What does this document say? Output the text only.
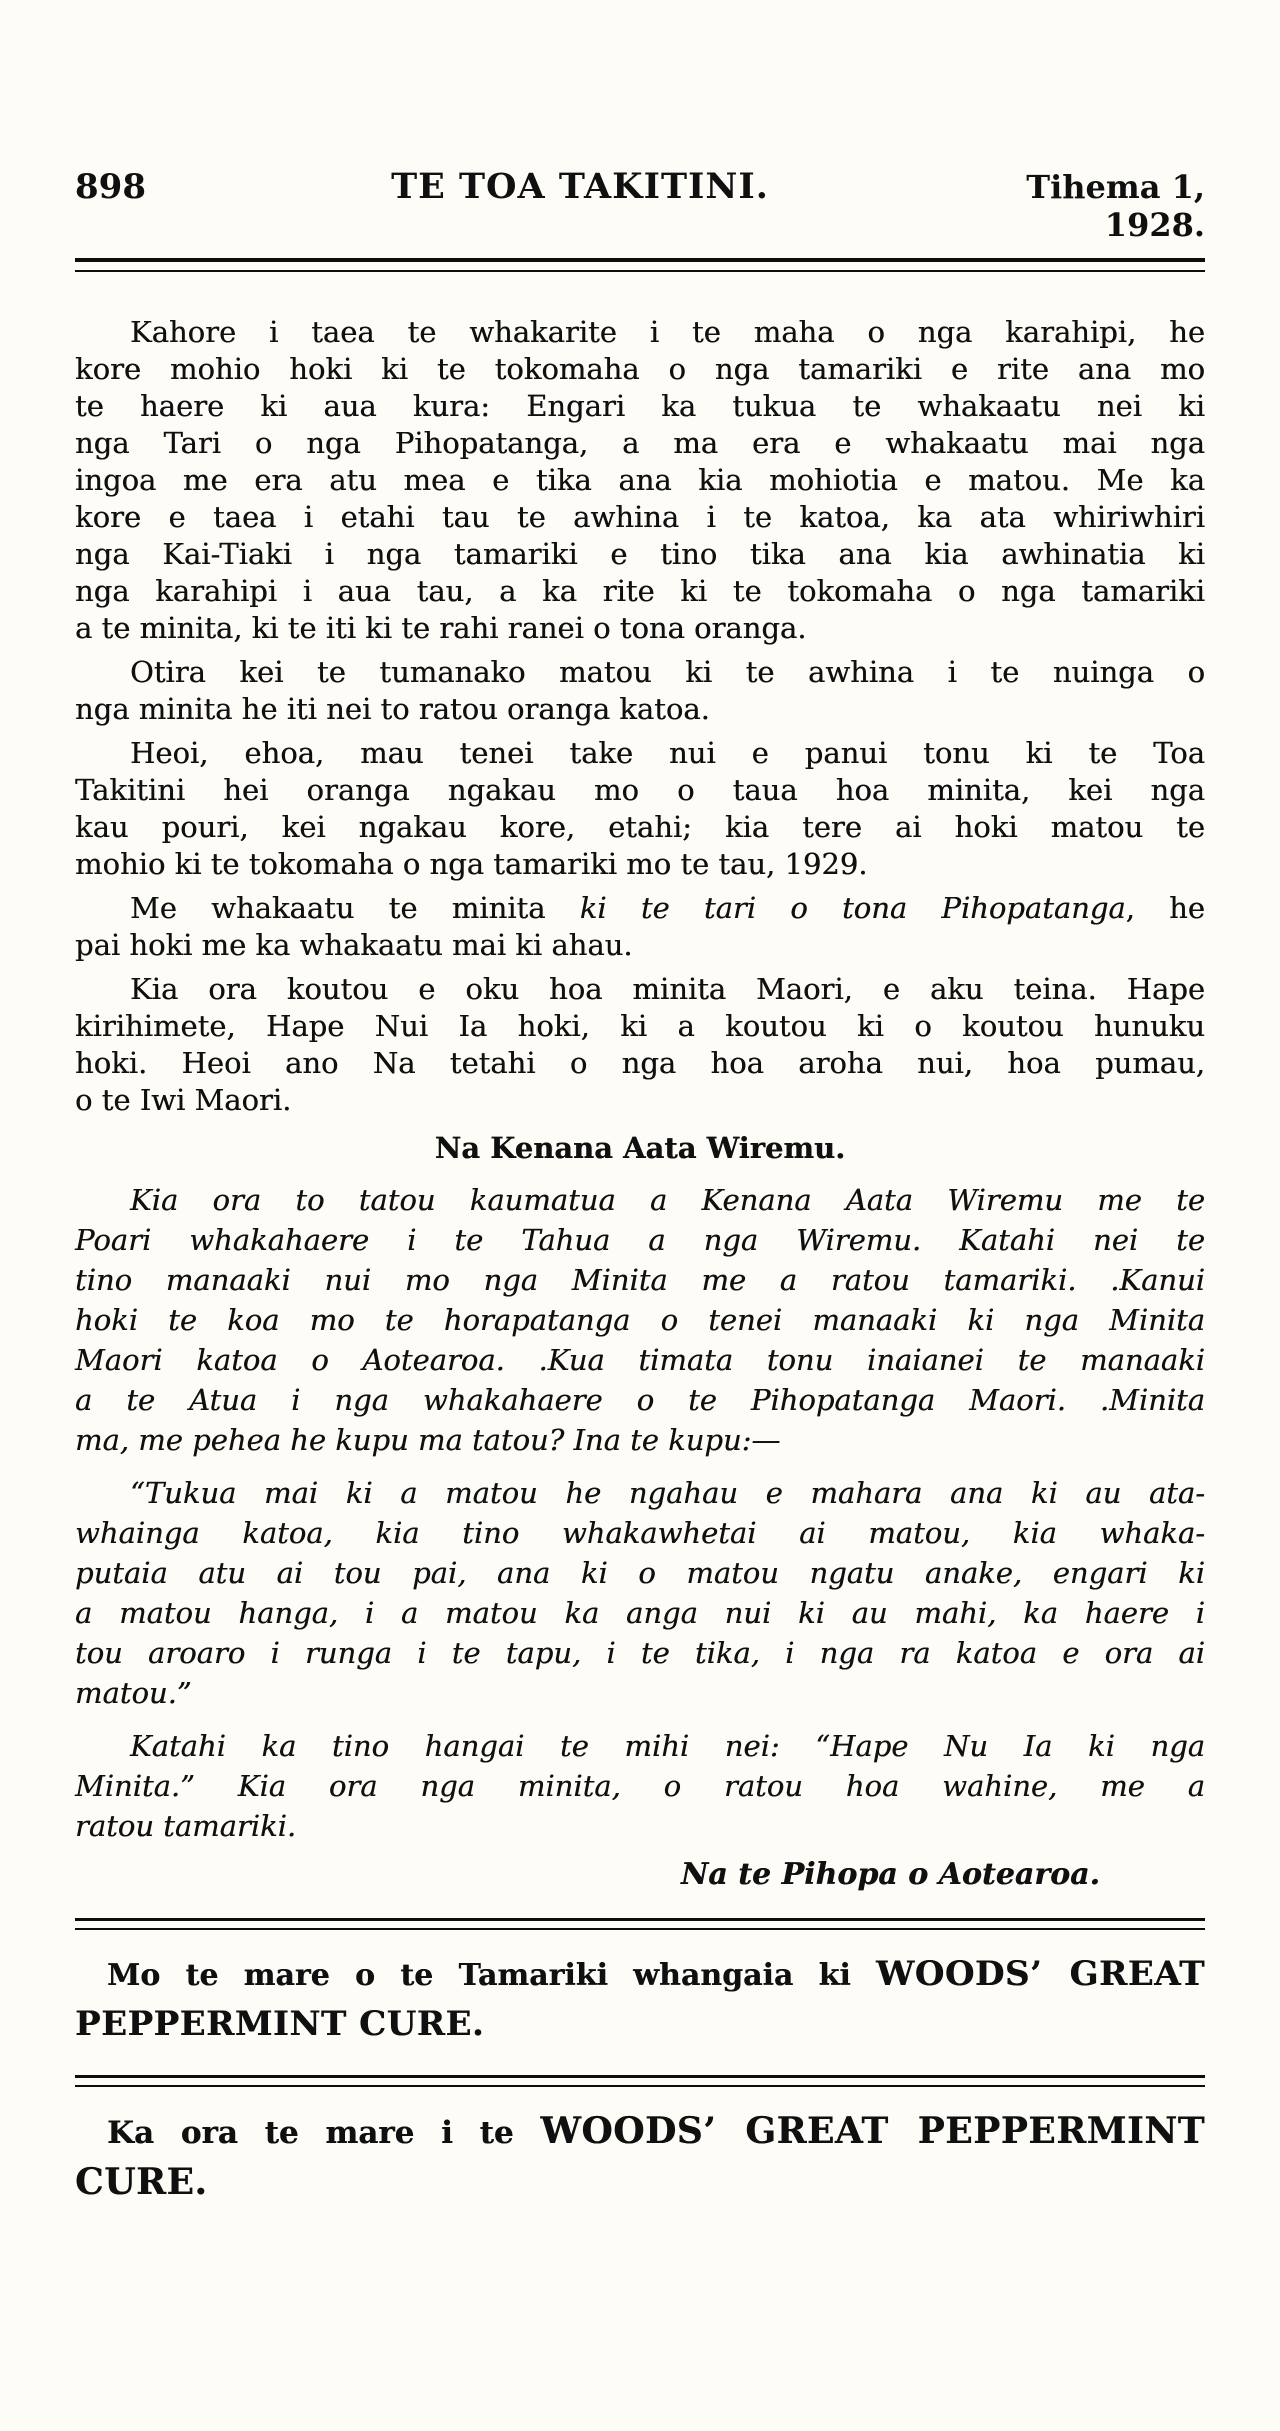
898	TE TOA TAKITINI.	Tihema 1, 1928.
Kahore i taea te whakarite i te maha o nga karahipi, he
kore mohio hoki ki te tokomaha o nga tamariki e rite ana mo
te haere ki aua kura: Engari ka tukua te whakaatu nei ki
nga Tari o nga Pihopatanga, a ma era e whakaatu mai nga
ingoa me era atu mea e tika ana kia mohiotia e matou. Me ka
kore e taea i etahi tau te awhina i te katoa, ka ata whiriwhiri
nga Kai-Tiaki i nga tamariki e tino tika ana kia awhinatia ki
nga karahipi i aua tau, a ka rite ki te tokomaha o nga tamariki
a te minita, ki te iti ki te rahi ranei o tona oranga.
Otira kei te tumanako matou ki te awhina i te nuinga o
nga minita he iti nei to ratou oranga katoa.
Heoi, ehoa, mau tenei take nui e panui tonu ki te Toa
Takitini hei oranga ngakau mo o taua hoa minita, kei nga
kau pouri, kei ngakau kore, etahi; kia tere ai hoki matou te
mohio ki te tokomaha o nga tamariki mo te tau, 1929.
Me whakaatu te minita ki te tari o tona Pihopatanga, he
pai hoki me ka whakaatu mai ki ahau.
Kia ora koutou e oku hoa minita Maori, e aku teina. Hape
kirihimete, Hape Nui Ia hoki, ki a koutou ki o koutou hunuku
hoki. Heoi ano Na tetahi o nga hoa aroha nui, hoa pumau,
o te Iwi Maori.
Na Kenana Aata Wiremu.
Kia ora to tatou kaumatua a Kenana Aata Wiremu me te
Poari whakahaere i te Tahua a nga Wiremu. Katahi nei te
tino manaaki nui mo nga Minita me a ratou tamariki. .Kanui
hoki te koa mo te horapatanga o tenei manaaki ki nga Minita
Maori katoa o Aotearoa. .Kua timata tonu inaianei te manaaki
a te Atua i nga whakahaere o te Pihopatanga Maori. .Minita
ma, me pehea he kupu ma tatou? Ina te kupu:—
“Tukua mai ki a matou he ngahau e mahara ana ki au ata-
whainga katoa, kia tino whakawhetai ai matou, kia whaka-
putaia atu ai tou pai, ana ki o matou ngatu anake, engari ki
a matou hanga, i a matou ka anga nui ki au mahi, ka haere i
tou aroaro i runga i te tapu, i te tika, i nga ra katoa e ora ai
matou.”
Katahi ka tino hangai te mihi nei: “Hape Nu Ia ki nga
Minita.” Kia ora nga minita, o ratou hoa wahine, me a
ratou tamariki.
Na te Pihopa o Aotearoa.
Mo te mare o te Tamariki whangaia ki WOODS’ GREAT
PEPPERMINT CURE.
Ka ora te mare i te WOODS’ GREAT PEPPERMINT
CURE.
